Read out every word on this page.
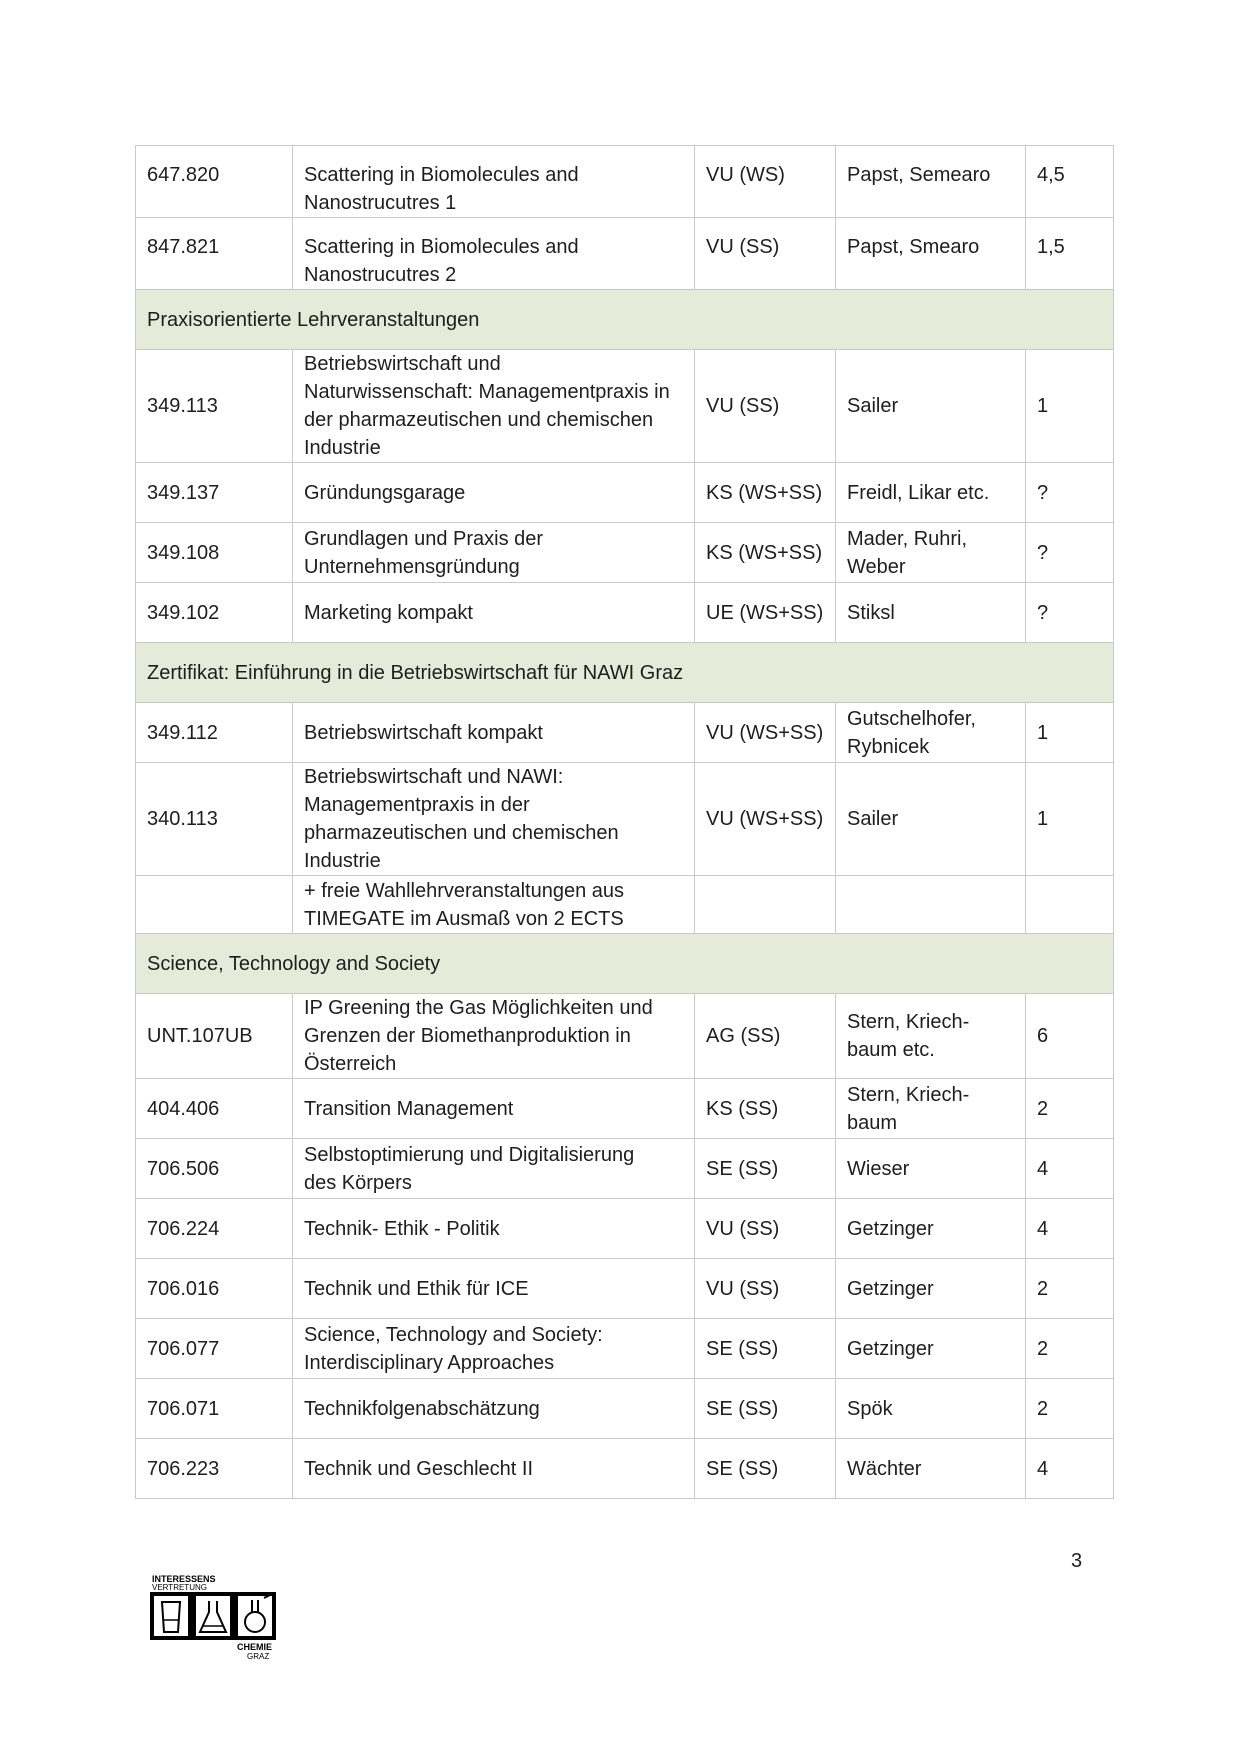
647.820	Scattering in Biomolecules and
Nanostrucutres 1	VU (WS)	Papst, Semearo	4,5
847.821	Scattering in Biomolecules and
Nanostrucutres 2	VU (SS)	Papst, Smearo	1,5
Praxisorientierte Lehrveranstaltungen				
349.113	Betriebswirtschaft und
Naturwissenschaft: Managementpraxis in
der pharmazeutischen und chemischen
Industrie	VU (SS)	Sailer	1
349.137	Gründungsgarage	KS (WS+SS)	Freidl, Likar etc.	?
349.108	Grundlagen und Praxis der
Unternehmensgründung	KS (WS+SS)	Mader, Ruhri,
Weber	?
349.102	Marketing kompakt	UE (WS+SS)	Stiksl	?
Zertifikat: Einführung in die Betriebswirtschaft für NAWI Graz				
349.112	Betriebswirtschaft kompakt	VU (WS+SS)	Gutschelhofer,
Rybnicek	1
340.113	Betriebswirtschaft und NAWI:
Managementpraxis in der
pharmazeutischen und chemischen
Industrie	VU (WS+SS)	Sailer	1
	+ freie Wahllehrveranstaltungen aus
TIMEGATE im Ausmaß von 2 ECTS			
Science, Technology and Society				
UNT.107UB	IP Greening the Gas Möglichkeiten und
Grenzen der Biomethanproduktion in
Österreich	AG (SS)	Stern, Kriech-
baum etc.	6
404.406	Transition Management	KS (SS)	Stern, Kriech-
baum	2
706.506	Selbstoptimierung und Digitalisierung
des Körpers	SE (SS)	Wieser	4
706.224	Technik- Ethik - Politik	VU (SS)	Getzinger	4
706.016	Technik und Ethik für ICE	VU (SS)	Getzinger	2
706.077	Science, Technology and Society:
Interdisciplinary Approaches	SE (SS)	Getzinger	2
706.071	Technikfolgenabschätzung	SE (SS)	Spök	2
706.223	Technik und Geschlecht II	SE (SS)	Wächter	4
3
INTERESSENS
VERTRETUNG
CHEMIE
GRAZ
